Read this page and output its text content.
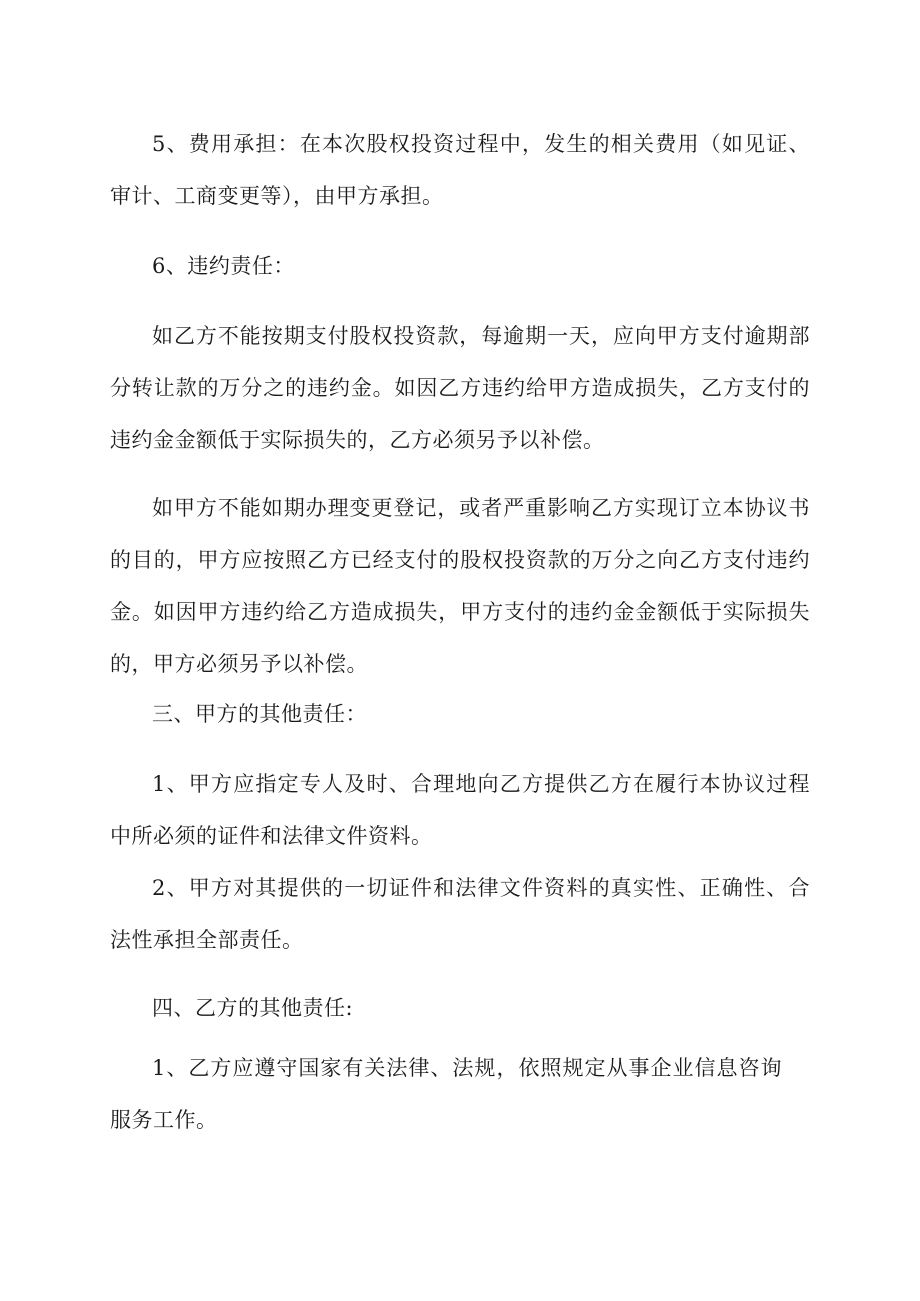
5、费用承担：在本次股权投资过程中，发生的相关费用（如见证、审计、工商变更等），由甲方承担。

6、违约责任：

如乙方不能按期支付股权投资款，每逾期一天，应向甲方支付逾期部分转让款的万分之的违约金。如因乙方违约给甲方造成损失，乙方支付的违约金金额低于实际损失的，乙方必须另予以补偿。

如甲方不能如期办理变更登记，或者严重影响乙方实现订立本协议书的目的，甲方应按照乙方已经支付的股权投资款的万分之向乙方支付违约金。如因甲方违约给乙方造成损失，甲方支付的违约金金额低于实际损失的，甲方必须另予以补偿。

三、甲方的其他责任：

1、甲方应指定专人及时、合理地向乙方提供乙方在履行本协议过程中所必须的证件和法律文件资料。

2、甲方对其提供的一切证件和法律文件资料的真实性、正确性、合法性承担全部责任。

四、乙方的其他责任:

1、乙方应遵守国家有关法律、法规，依照规定从事企业信息咨询服务工作。
